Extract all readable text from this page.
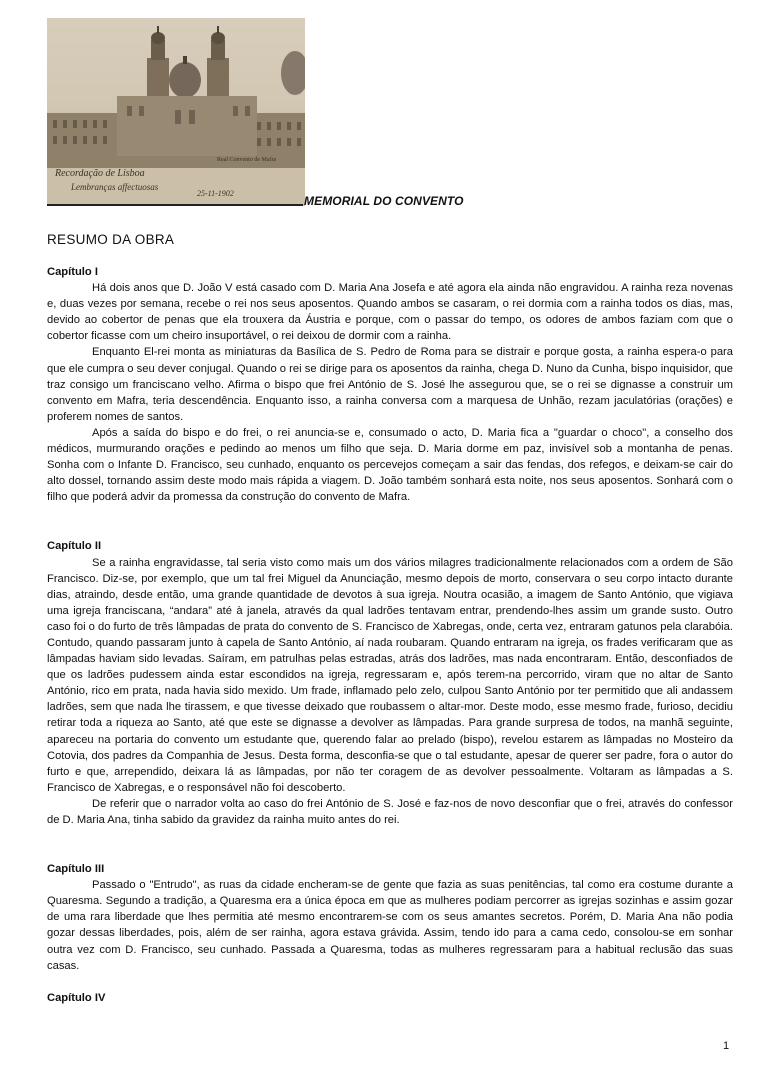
Recordação de Lisboa
Real Convento de Mafra
Lembranças affectuosas
25-11-1902
MEMORIAL DO CONVENTO
RESUMO DA OBRA

Capítulo I

Há dois anos que D. João V está casado com D. Maria Ana Josefa e até agora ela ainda não engravidou. A rainha reza novenas e, duas vezes por semana, recebe o rei nos seus aposentos. Quando ambos se casaram, o rei dormia com a rainha todos os dias, mas, devido ao cobertor de penas que ela trouxera da Áustria e porque, com o passar do tempo, os odores de ambos faziam com que o cobertor ficasse com um cheiro insuportável, o rei deixou de dormir com a rainha.

Enquanto El-rei monta as miniaturas da Basílica de S. Pedro de Roma para se distrair e porque gosta, a rainha espera-o para que ele cumpra o seu dever conjugal. Quando o rei se dirige para os aposentos da rainha, chega D. Nuno da Cunha, bispo inquisidor, que traz consigo um franciscano velho. Afirma o bispo que frei António de S. José lhe assegurou que, se o rei se dignasse a construir um convento em Mafra, teria descendência. Enquanto isso, a rainha conversa com a marquesa de Unhão, rezam jaculatórias (orações) e proferem nomes de santos.

Após a saída do bispo e do frei, o rei anuncia-se e, consumado o acto, D. Maria fica a "guardar o choco", a conselho dos médicos, murmurando orações e pedindo ao menos um filho que seja. D. Maria dorme em paz, invisível sob a montanha de penas. Sonha com o Infante D. Francisco, seu cunhado, enquanto os percevejos começam a sair das fendas, dos refegos, e deixam-se cair do alto dossel, tornando assim deste modo mais rápida a viagem. D. João também sonhará esta noite, nos seus aposentos. Sonhará com o filho que poderá advir da promessa da construção do convento de Mafra.

Capítulo II

Se a rainha engravidasse, tal seria visto como mais um dos vários milagres tradicionalmente relacionados com a ordem de São Francisco. Diz-se, por exemplo, que um tal frei Miguel da Anunciação, mesmo depois de morto, conservara o seu corpo intacto durante dias, atraindo, desde então, uma grande quantidade de devotos à sua igreja. Noutra ocasião, a imagem de Santo António, que vigiava uma igreja franciscana, “andara” até à janela, através da qual ladrões tentavam entrar, prendendo-lhes assim um grande susto. Outro caso foi o do furto de três lâmpadas de prata do convento de S. Francisco de Xabregas, onde, certa vez, entraram gatunos pela clarabóia. Contudo, quando passaram junto à capela de Santo António, aí nada roubaram. Quando entraram na igreja, os frades verificaram que as lâmpadas haviam sido levadas. Saíram, em patrulhas pelas estradas, atrás dos ladrões, mas nada encontraram. Então, desconfiados de que os ladrões pudessem ainda estar escondidos na igreja, regressaram e, após terem-na percorrido, viram que no altar de Santo António, rico em prata, nada havia sido mexido. Um frade, inflamado pelo zelo, culpou Santo António por ter permitido que ali andassem ladrões, sem que nada lhe tirassem, e que tivesse deixado que roubassem o altar-mor. Deste modo, esse mesmo frade, furioso, decidiu retirar toda a riqueza ao Santo, até que este se dignasse a devolver as lâmpadas. Para grande surpresa de todos, na manhã seguinte, apareceu na portaria do convento um estudante que, querendo falar ao prelado (bispo), revelou estarem as lâmpadas no Mosteiro da Cotovia, dos padres da Companhia de Jesus. Desta forma, desconfia-se que o tal estudante, apesar de querer ser padre, fora o autor do furto e que, arrependido, deixara lá as lâmpadas, por não ter coragem de as devolver pessoalmente. Voltaram as lâmpadas a S. Francisco de Xabregas, e o responsável não foi descoberto.

De referir que o narrador volta ao caso do frei António de S. José e faz-nos de novo desconfiar que o frei, através do confessor de D. Maria Ana, tinha sabido da gravidez da rainha muito antes do rei.

Capítulo III

Passado o "Entrudo", as ruas da cidade encheram-se de gente que fazia as suas penitências, tal como era costume durante a Quaresma. Segundo a tradição, a Quaresma era a única época em que as mulheres podiam percorrer as igrejas sozinhas e assim gozar de uma rara liberdade que lhes permitia até mesmo encontrarem-se com os seus amantes secretos. Porém, D. Maria Ana não podia gozar dessas liberdades, pois, além de ser rainha, agora estava grávida. Assim, tendo ido para a cama cedo, consolou-se em sonhar outra vez com D. Francisco, seu cunhado. Passada a Quaresma, todas as mulheres regressaram para a habitual reclusão das suas casas.

Capítulo IV

1
